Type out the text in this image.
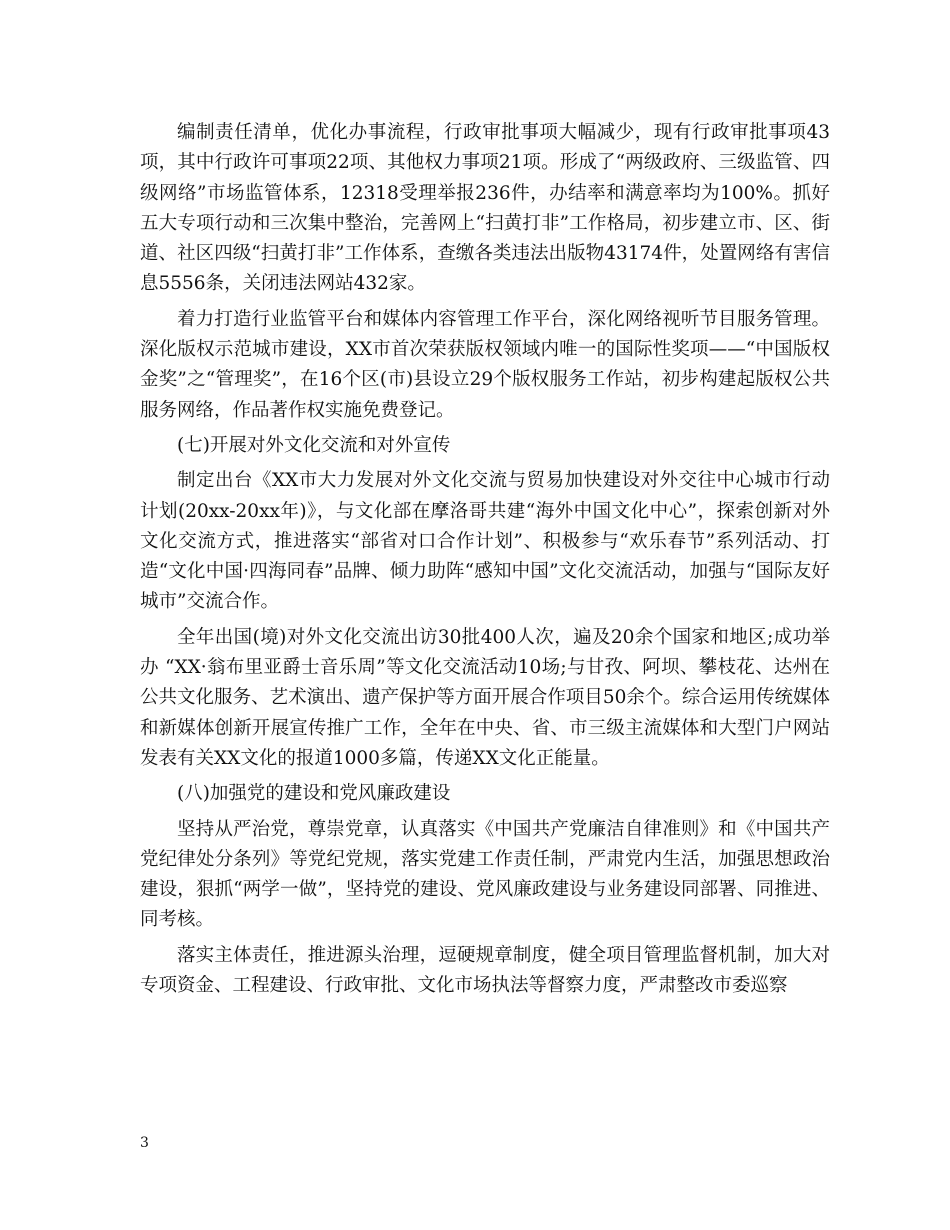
编制责任清单，优化办事流程，行政审批事项大幅减少，现有行政审批事项43项，其中行政许可事项22项、其他权力事项21项。形成了“两级政府、三级监管、四级网络”市场监管体系，12318受理举报236件，办结率和满意率均为100%。抓好五大专项行动和三次集中整治，完善网上“扫黄打非”工作格局，初步建立市、区、街道、社区四级“扫黄打非”工作体系，查缴各类违法出版物43174件，处置网络有害信息5556条，关闭违法网站432家。

着力打造行业监管平台和媒体内容管理工作平台，深化网络视听节目服务管理。深化版权示范城市建设，XX市首次荣获版权领域内唯一的国际性奖项——“中国版权金奖”之“管理奖”，在16个区(市)县设立29个版权服务工作站，初步构建起版权公共服务网络，作品著作权实施免费登记。

(七)开展对外文化交流和对外宣传

制定出台《XX市大力发展对外文化交流与贸易加快建设对外交往中心城市行动计划(20xx-20xx年)》，与文化部在摩洛哥共建“海外中国文化中心”，探索创新对外文化交流方式，推进落实“部省对口合作计划”、积极参与“欢乐春节”系列活动、打造“文化中国·四海同春”品牌、倾力助阵“感知中国”文化交流活动，加强与“国际友好城市”交流合作。

全年出国(境)对外文化交流出访30批400人次，遍及20余个国家和地区;成功举办 “XX·翁布里亚爵士音乐周”等文化交流活动10场;与甘孜、阿坝、攀枝花、达州在公共文化服务、艺术演出、遗产保护等方面开展合作项目50余个。综合运用传统媒体和新媒体创新开展宣传推广工作，全年在中央、省、市三级主流媒体和大型门户网站发表有关XX文化的报道1000多篇，传递XX文化正能量。

(八)加强党的建设和党风廉政建设

坚持从严治党，尊崇党章，认真落实《中国共产党廉洁自律准则》和《中国共产党纪律处分条列》等党纪党规，落实党建工作责任制，严肃党内生活，加强思想政治建设，狠抓“两学一做”，坚持党的建设、党风廉政建设与业务建设同部署、同推进、同考核。

落实主体责任，推进源头治理，逗硬规章制度，健全项目管理监督机制，加大对专项资金、工程建设、行政审批、文化市场执法等督察力度，严肃整改市委巡察

3
